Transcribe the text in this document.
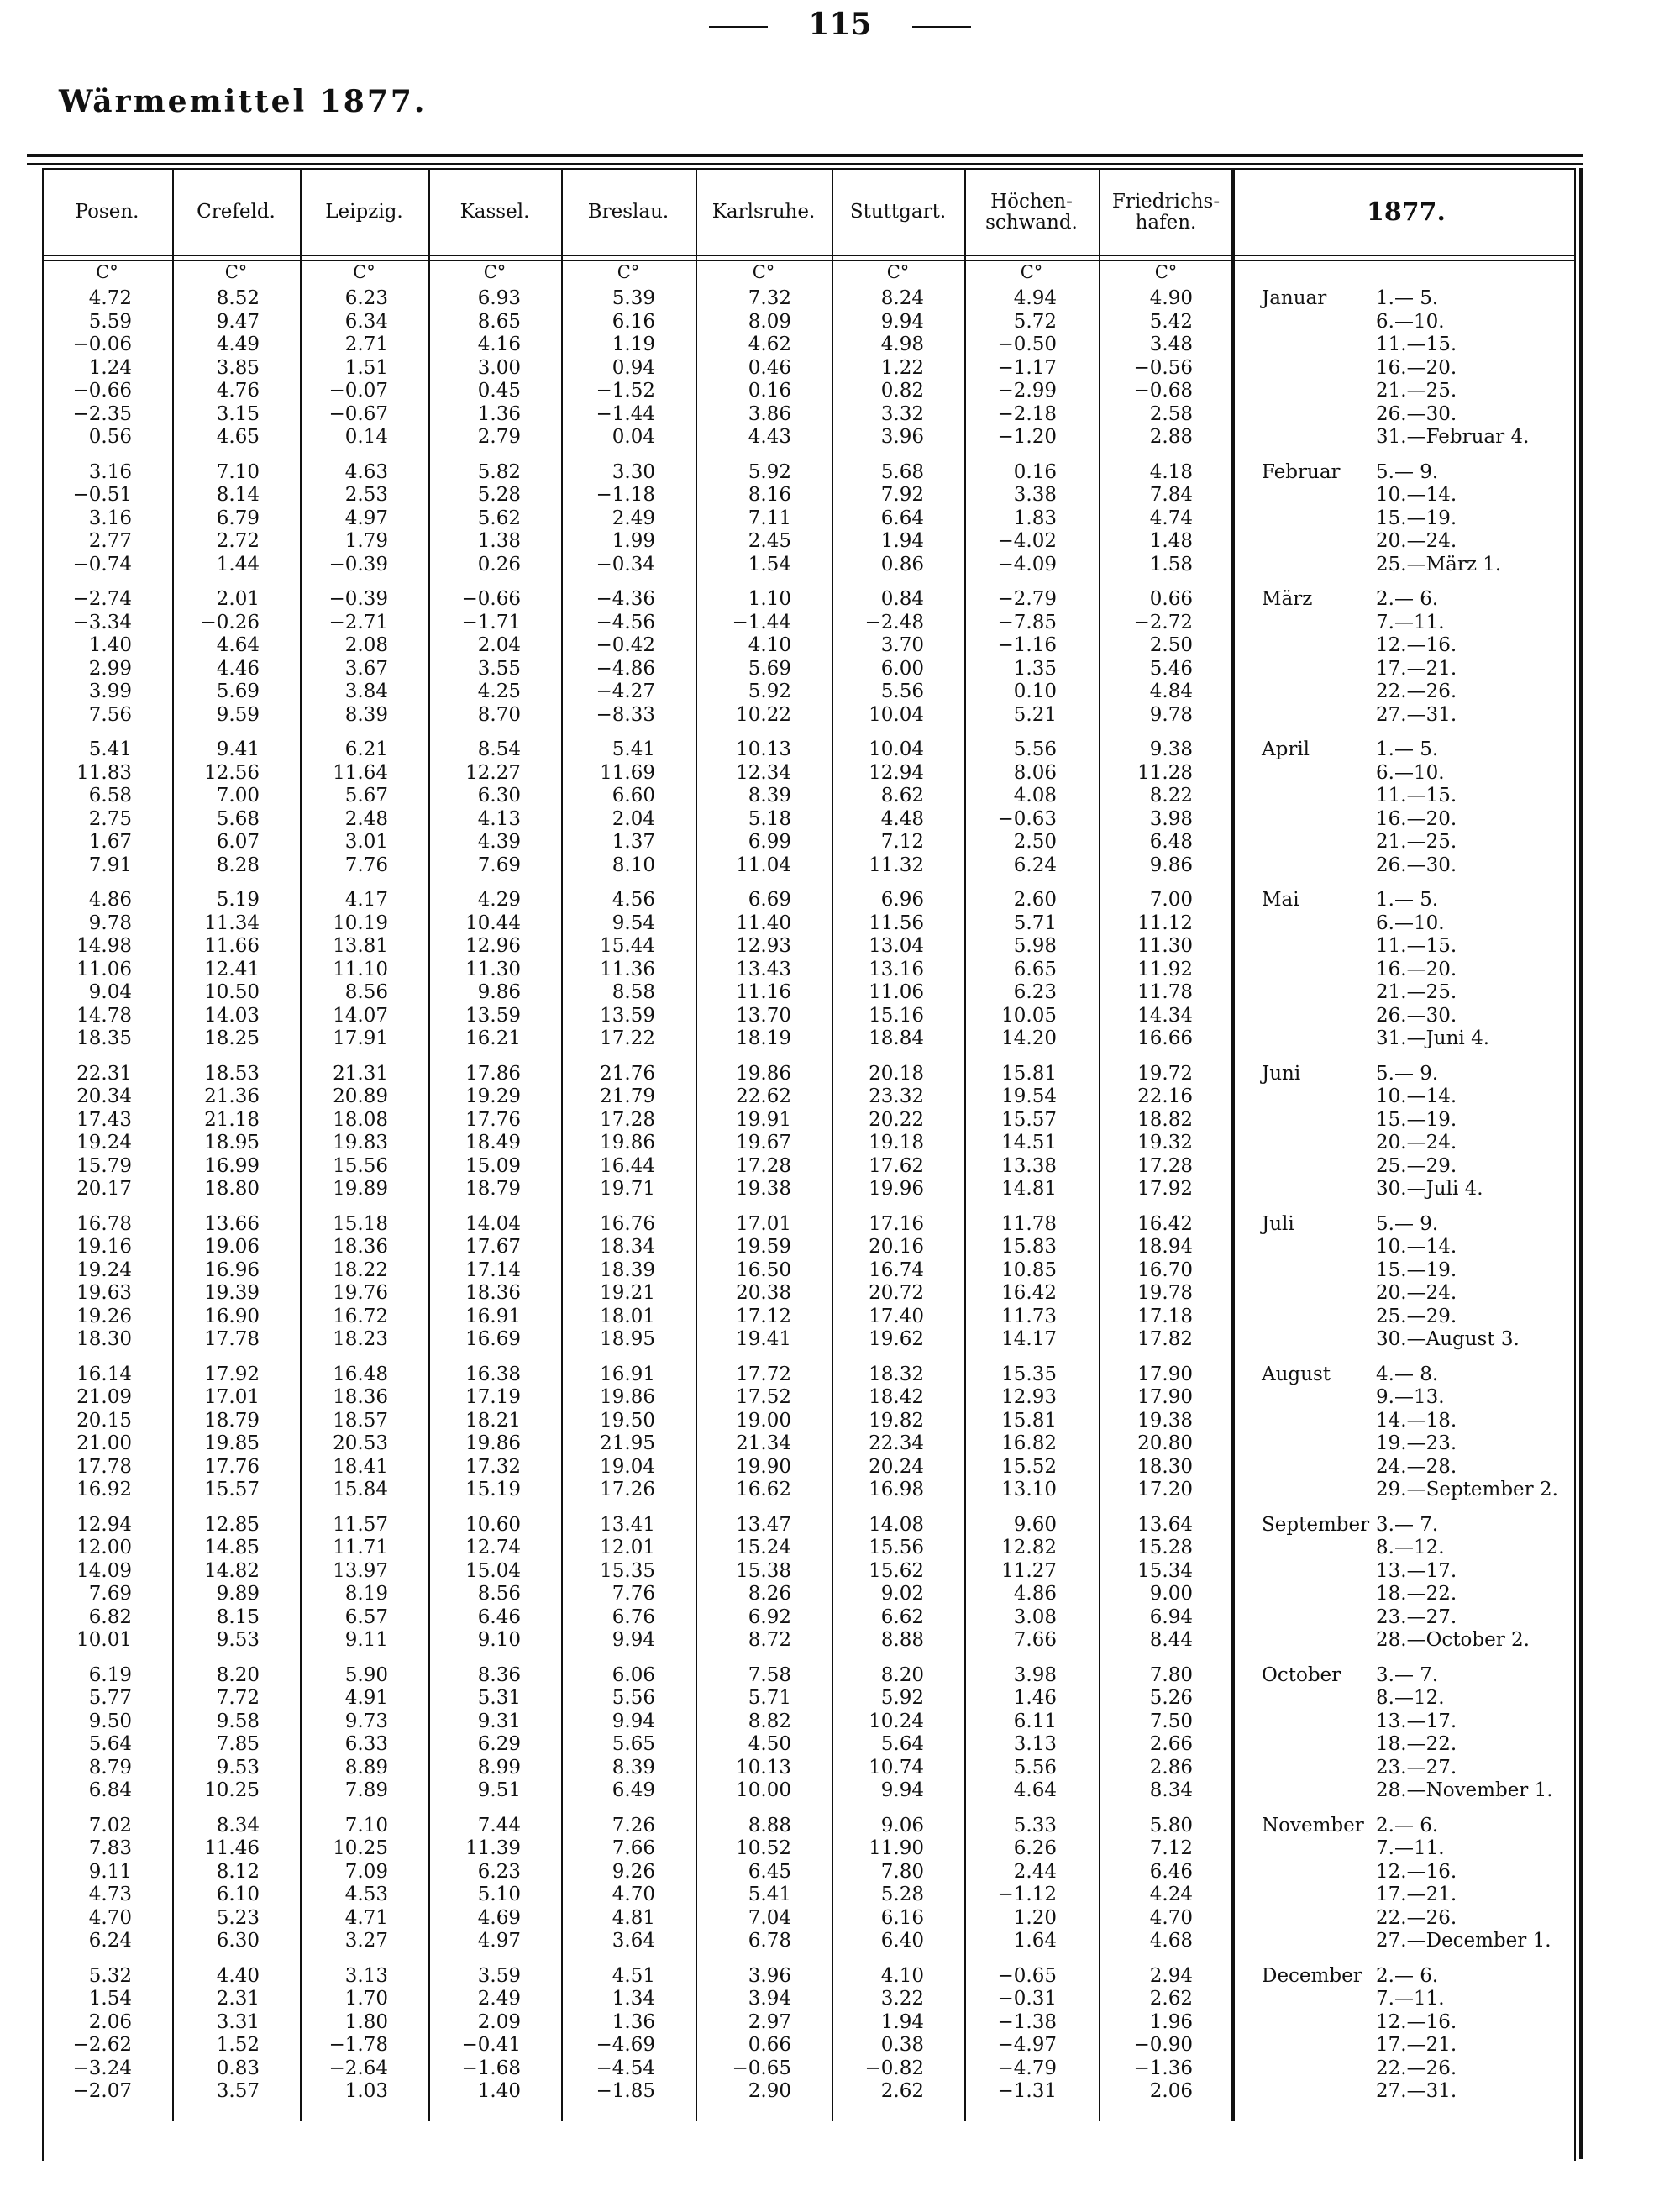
115
Wärmemittel 1877.
Posen.
C°
Crefeld.
C°
Leipzig.
C°
Kassel.
C°
Breslau.
C°
Karlsruhe.
C°
Stuttgart.
C°
Höchen-
schwand.
C°
Friedrichs-
hafen.
C°
1877.
Januar
4.72	8.52	6.23	6.93	5.39	7.32	8.24	4.94	4.90	1.— 5.
5.59	9.47	6.34	8.65	6.16	8.09	9.94	5.72	5.42	6.—10.
−0.06	4.49	2.71	4.16	1.19	4.62	4.98	−0.50	3.48	11.—15.
1.24	3.85	1.51	3.00	0.94	0.46	1.22	−1.17	−0.56	16.—20.
−0.66	4.76	−0.07	0.45	−1.52	0.16	0.82	−2.99	−0.68	21.—25.
−2.35	3.15	−0.67	1.36	−1.44	3.86	3.32	−2.18	2.58	26.—30.
0.56	4.65	0.14	2.79	0.04	4.43	3.96	−1.20	2.88	31.—Februar 4.
Februar
3.16	7.10	4.63	5.82	3.30	5.92	5.68	0.16	4.18	5.— 9.
−0.51	8.14	2.53	5.28	−1.18	8.16	7.92	3.38	7.84	10.—14.
3.16	6.79	4.97	5.62	2.49	7.11	6.64	1.83	4.74	15.—19.
2.77	2.72	1.79	1.38	1.99	2.45	1.94	−4.02	1.48	20.—24.
−0.74	1.44	−0.39	0.26	−0.34	1.54	0.86	−4.09	1.58	25.—März 1.
März
−2.74	2.01	−0.39	−0.66	−4.36	1.10	0.84	−2.79	0.66	2.— 6.
−3.34	−0.26	−2.71	−1.71	−4.56	−1.44	−2.48	−7.85	−2.72	7.—11.
1.40	4.64	2.08	2.04	−0.42	4.10	3.70	−1.16	2.50	12.—16.
2.99	4.46	3.67	3.55	−4.86	5.69	6.00	1.35	5.46	17.—21.
3.99	5.69	3.84	4.25	−4.27	5.92	5.56	0.10	4.84	22.—26.
7.56	9.59	8.39	8.70	−8.33	10.22	10.04	5.21	9.78	27.—31.
April
5.41	9.41	6.21	8.54	5.41	10.13	10.04	5.56	9.38	1.— 5.
11.83	12.56	11.64	12.27	11.69	12.34	12.94	8.06	11.28	6.—10.
6.58	7.00	5.67	6.30	6.60	8.39	8.62	4.08	8.22	11.—15.
2.75	5.68	2.48	4.13	2.04	5.18	4.48	−0.63	3.98	16.—20.
1.67	6.07	3.01	4.39	1.37	6.99	7.12	2.50	6.48	21.—25.
7.91	8.28	7.76	7.69	8.10	11.04	11.32	6.24	9.86	26.—30.
Mai
4.86	5.19	4.17	4.29	4.56	6.69	6.96	2.60	7.00	1.— 5.
9.78	11.34	10.19	10.44	9.54	11.40	11.56	5.71	11.12	6.—10.
14.98	11.66	13.81	12.96	15.44	12.93	13.04	5.98	11.30	11.—15.
11.06	12.41	11.10	11.30	11.36	13.43	13.16	6.65	11.92	16.—20.
9.04	10.50	8.56	9.86	8.58	11.16	11.06	6.23	11.78	21.—25.
14.78	14.03	14.07	13.59	13.59	13.70	15.16	10.05	14.34	26.—30.
18.35	18.25	17.91	16.21	17.22	18.19	18.84	14.20	16.66	31.—Juni 4.
Juni
22.31	18.53	21.31	17.86	21.76	19.86	20.18	15.81	19.72	5.— 9.
20.34	21.36	20.89	19.29	21.79	22.62	23.32	19.54	22.16	10.—14.
17.43	21.18	18.08	17.76	17.28	19.91	20.22	15.57	18.82	15.—19.
19.24	18.95	19.83	18.49	19.86	19.67	19.18	14.51	19.32	20.—24.
15.79	16.99	15.56	15.09	16.44	17.28	17.62	13.38	17.28	25.—29.
20.17	18.80	19.89	18.79	19.71	19.38	19.96	14.81	17.92	30.—Juli 4.
Juli
16.78	13.66	15.18	14.04	16.76	17.01	17.16	11.78	16.42	5.— 9.
19.16	19.06	18.36	17.67	18.34	19.59	20.16	15.83	18.94	10.—14.
19.24	16.96	18.22	17.14	18.39	16.50	16.74	10.85	16.70	15.—19.
19.63	19.39	19.76	18.36	19.21	20.38	20.72	16.42	19.78	20.—24.
19.26	16.90	16.72	16.91	18.01	17.12	17.40	11.73	17.18	25.—29.
18.30	17.78	18.23	16.69	18.95	19.41	19.62	14.17	17.82	30.—August 3.
August
16.14	17.92	16.48	16.38	16.91	17.72	18.32	15.35	17.90	4.— 8.
21.09	17.01	18.36	17.19	19.86	17.52	18.42	12.93	17.90	9.—13.
20.15	18.79	18.57	18.21	19.50	19.00	19.82	15.81	19.38	14.—18.
21.00	19.85	20.53	19.86	21.95	21.34	22.34	16.82	20.80	19.—23.
17.78	17.76	18.41	17.32	19.04	19.90	20.24	15.52	18.30	24.—28.
16.92	15.57	15.84	15.19	17.26	16.62	16.98	13.10	17.20	29.—September 2.
September
12.94	12.85	11.57	10.60	13.41	13.47	14.08	9.60	13.64	3.— 7.
12.00	14.85	11.71	12.74	12.01	15.24	15.56	12.82	15.28	8.—12.
14.09	14.82	13.97	15.04	15.35	15.38	15.62	11.27	15.34	13.—17.
7.69	9.89	8.19	8.56	7.76	8.26	9.02	4.86	9.00	18.—22.
6.82	8.15	6.57	6.46	6.76	6.92	6.62	3.08	6.94	23.—27.
10.01	9.53	9.11	9.10	9.94	8.72	8.88	7.66	8.44	28.—October 2.
October
6.19	8.20	5.90	8.36	6.06	7.58	8.20	3.98	7.80	3.— 7.
5.77	7.72	4.91	5.31	5.56	5.71	5.92	1.46	5.26	8.—12.
9.50	9.58	9.73	9.31	9.94	8.82	10.24	6.11	7.50	13.—17.
5.64	7.85	6.33	6.29	5.65	4.50	5.64	3.13	2.66	18.—22.
8.79	9.53	8.89	8.99	8.39	10.13	10.74	5.56	2.86	23.—27.
6.84	10.25	7.89	9.51	6.49	10.00	9.94	4.64	8.34	28.—November 1.
November
7.02	8.34	7.10	7.44	7.26	8.88	9.06	5.33	5.80	2.— 6.
7.83	11.46	10.25	11.39	7.66	10.52	11.90	6.26	7.12	7.—11.
9.11	8.12	7.09	6.23	9.26	6.45	7.80	2.44	6.46	12.—16.
4.73	6.10	4.53	5.10	4.70	5.41	5.28	−1.12	4.24	17.—21.
4.70	5.23	4.71	4.69	4.81	7.04	6.16	1.20	4.70	22.—26.
6.24	6.30	3.27	4.97	3.64	6.78	6.40	1.64	4.68	27.—December 1.
December
5.32	4.40	3.13	3.59	4.51	3.96	4.10	−0.65	2.94	2.— 6.
1.54	2.31	1.70	2.49	1.34	3.94	3.22	−0.31	2.62	7.—11.
2.06	3.31	1.80	2.09	1.36	2.97	1.94	−1.38	1.96	12.—16.
−2.62	1.52	−1.78	−0.41	−4.69	0.66	0.38	−4.97	−0.90	17.—21.
−3.24	0.83	−2.64	−1.68	−4.54	−0.65	−0.82	−4.79	−1.36	22.—26.
−2.07	3.57	1.03	1.40	−1.85	2.90	2.62	−1.31	2.06	27.—31.
